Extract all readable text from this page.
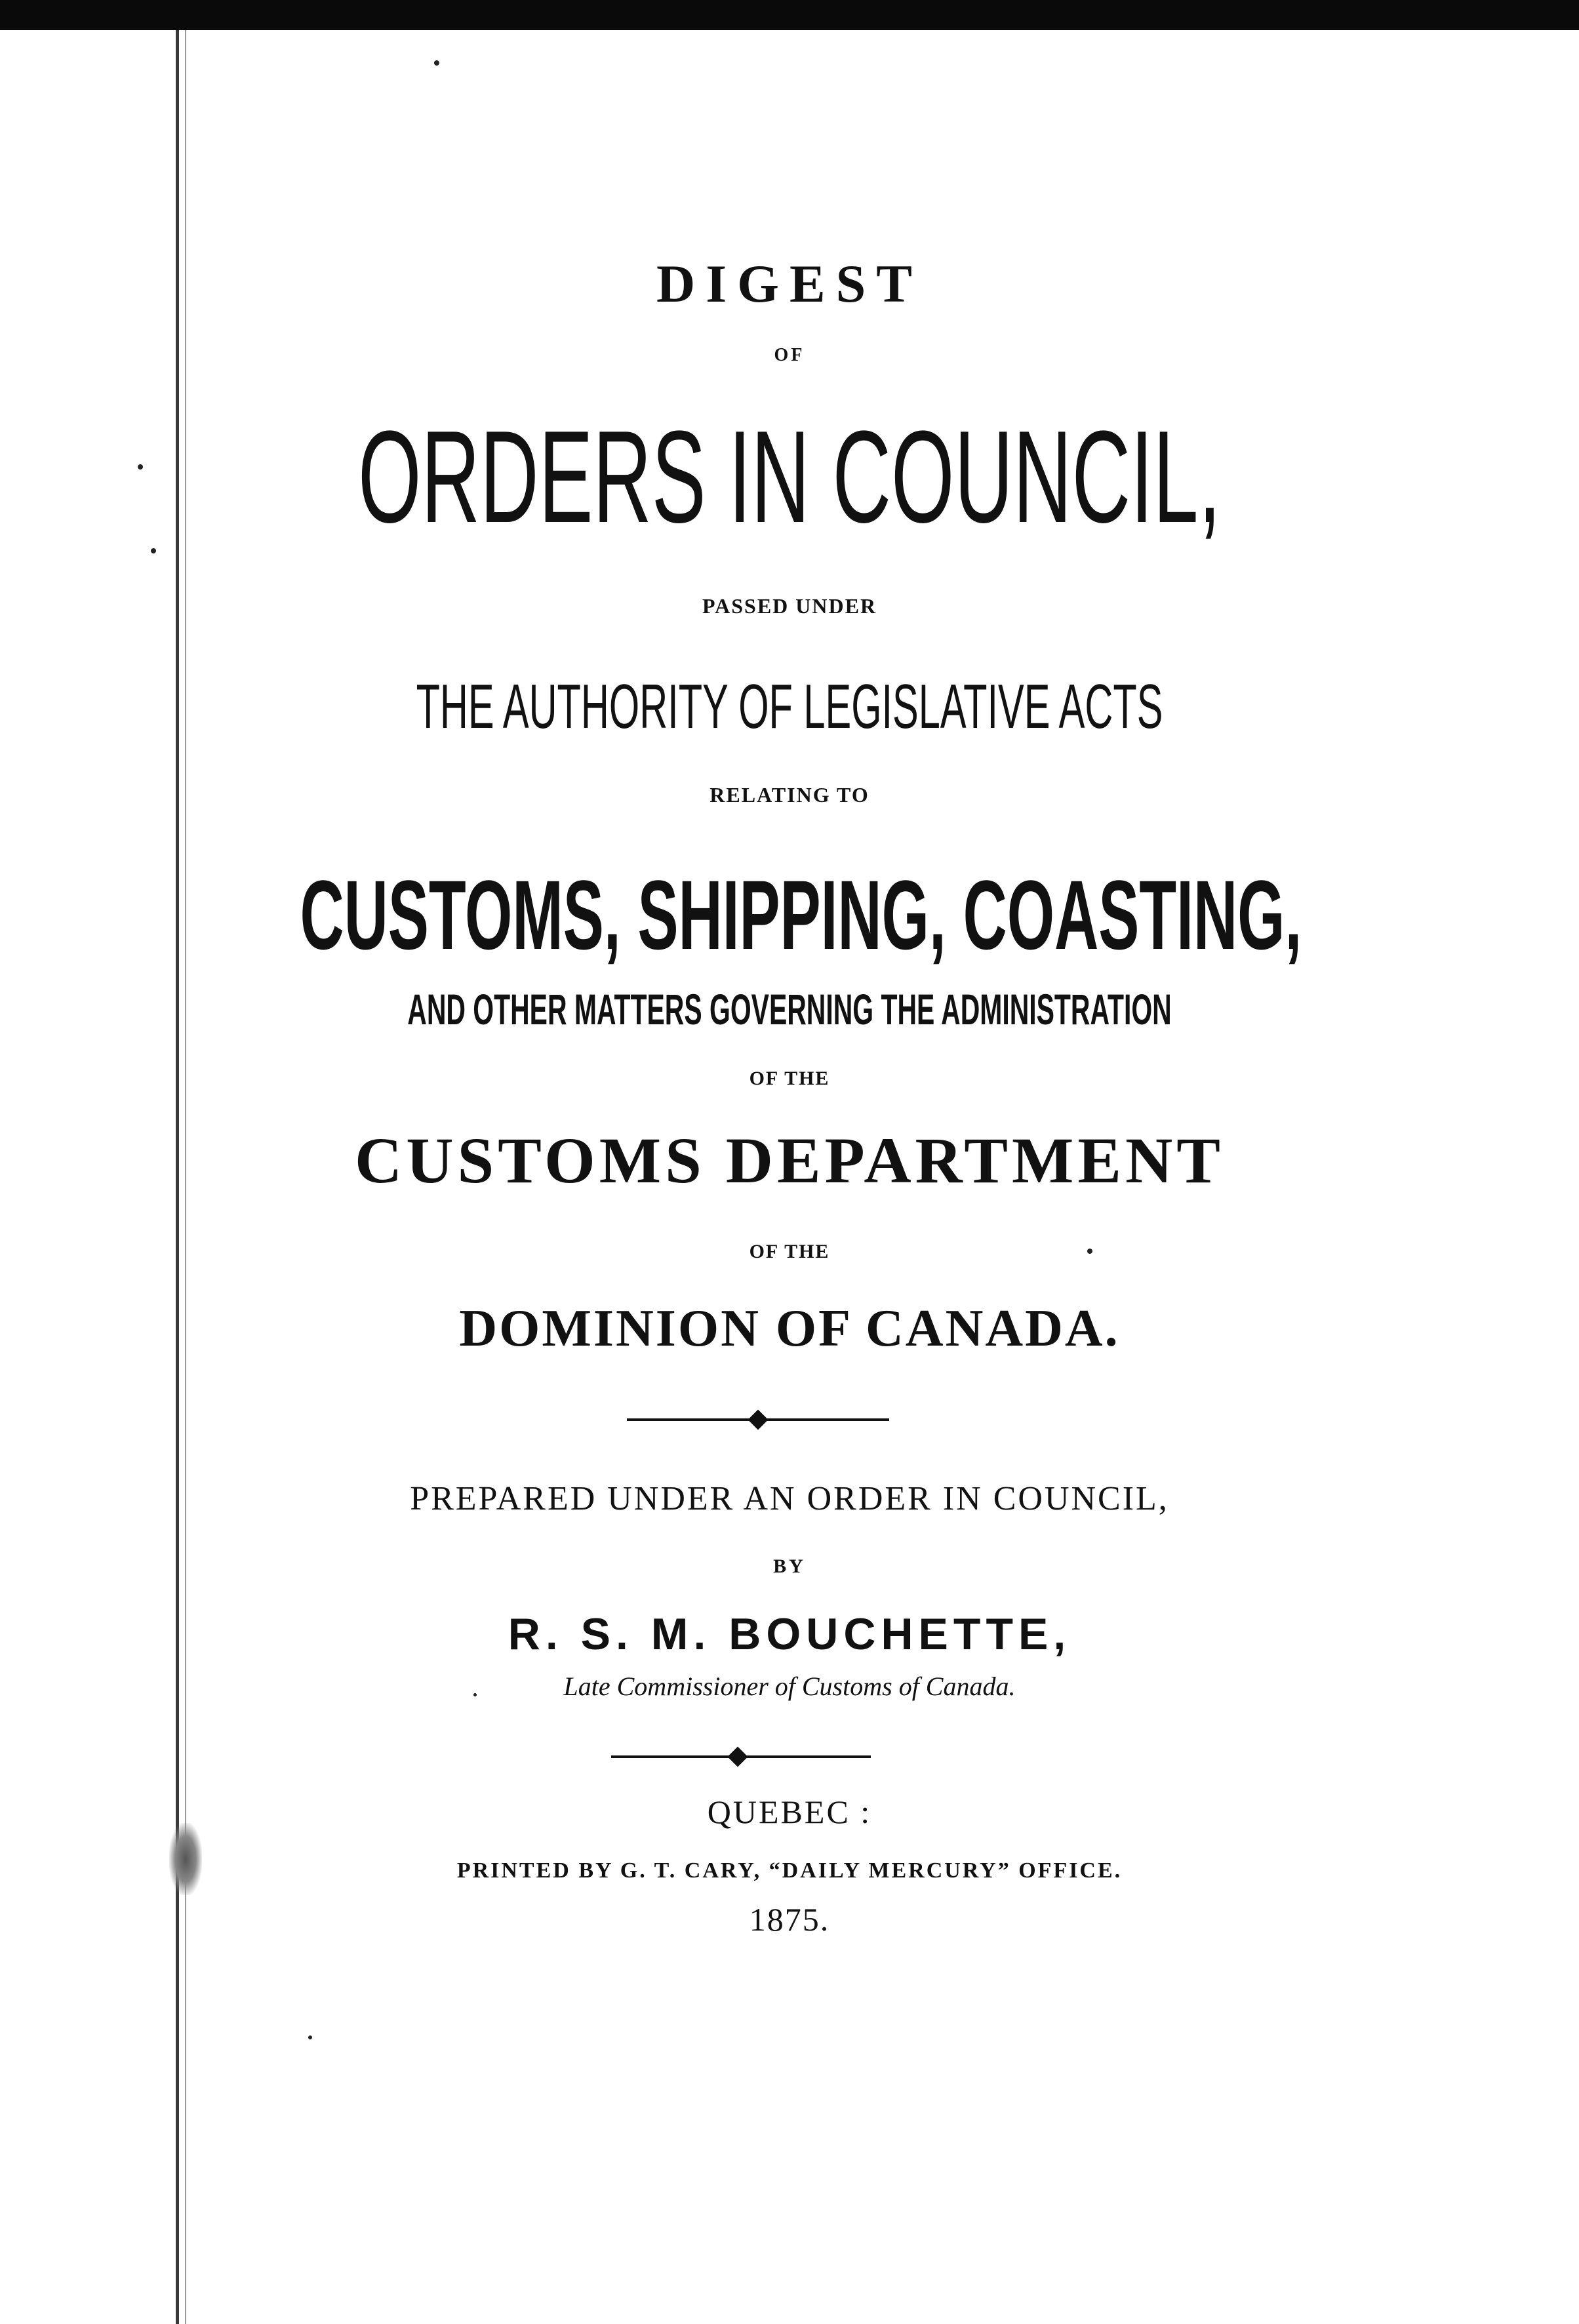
DIGEST
OF
ORDERS IN COUNCIL,
PASSED UNDER
THE AUTHORITY OF LEGISLATIVE ACTS
RELATING TO
CUSTOMS, SHIPPING, COASTING,
AND OTHER MATTERS GOVERNING THE ADMINISTRATION
OF THE
CUSTOMS DEPARTMENT
OF THE
DOMINION OF CANADA.
PREPARED UNDER AN ORDER IN COUNCIL,
BY
R. S. M. BOUCHETTE,
Late Commissioner of Customs of Canada.
QUEBEC :
PRINTED BY G. T. CARY, “DAILY MERCURY” OFFICE.
1875.
